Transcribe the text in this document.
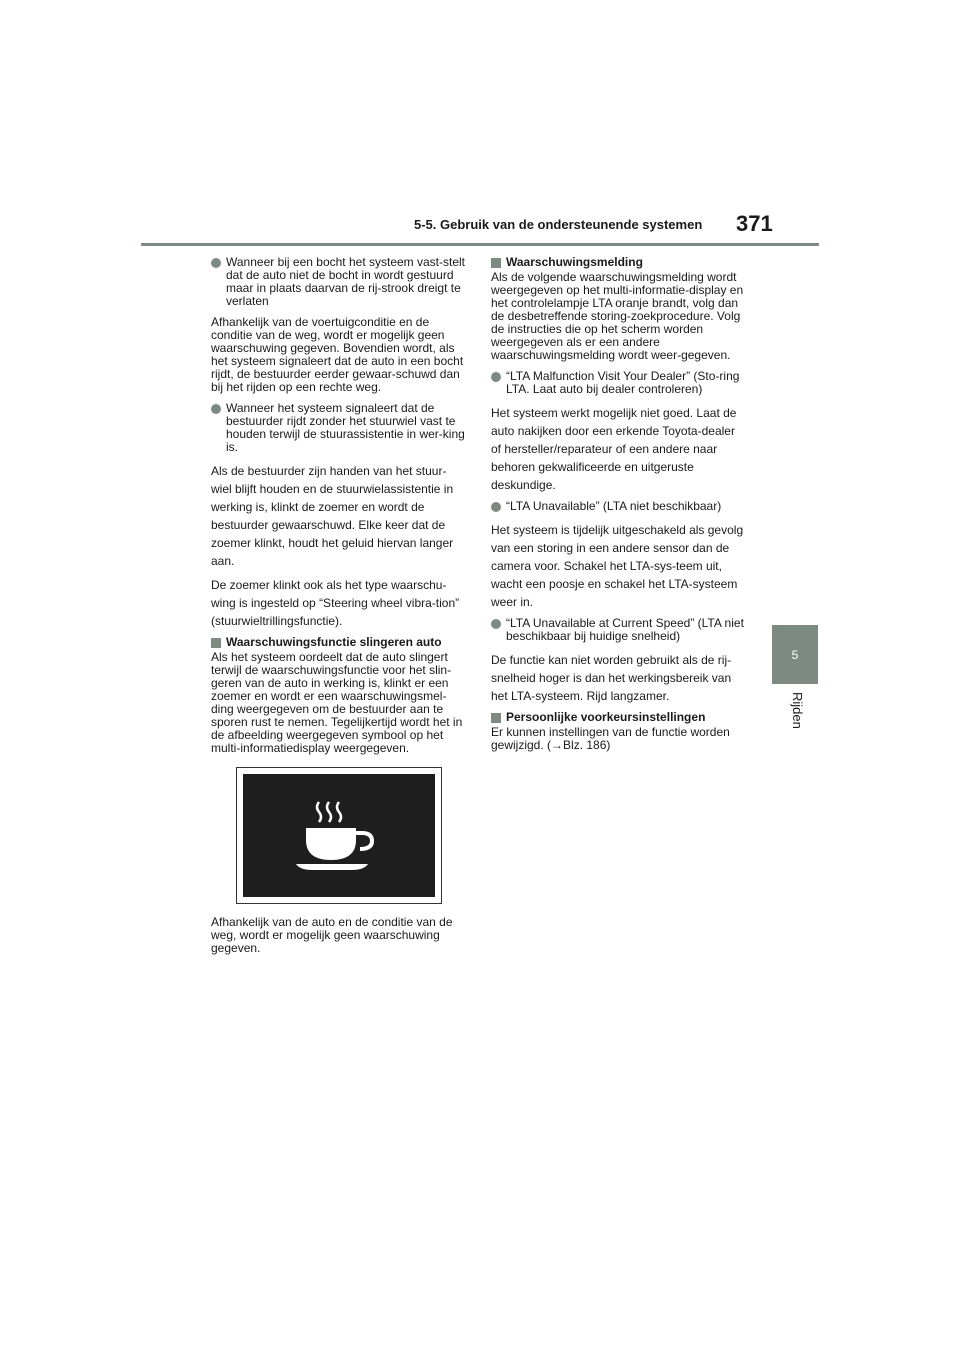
5-5. Gebruik van de ondersteunende systemen 371
5
Rijden
Wanneer bij een bocht het systeem vast-stelt dat de auto niet de bocht in wordt gestuurd maar in plaats daarvan de rij-strook dreigt te verlaten

Afhankelijk van de voertuigconditie en de conditie van de weg, wordt er mogelijk geen waarschuwing gegeven. Bovendien wordt, als het systeem signaleert dat de auto in een bocht rijdt, de bestuurder eerder gewaar-schuwd dan bij het rijden op een rechte weg.

Wanneer het systeem signaleert dat de bestuurder rijdt zonder het stuurwiel vast te houden terwijl de stuurassistentie in wer-king is.

Als de bestuurder zijn handen van het stuur-wiel blijft houden en de stuurwielassistentie in werking is, klinkt de zoemer en wordt de bestuurder gewaarschuwd. Elke keer dat de zoemer klinkt, houdt het geluid hiervan langer aan.

De zoemer klinkt ook als het type waarschu-wing is ingesteld op “Steering wheel vibra-tion” (stuurwieltrillingsfunctie).

Waarschuwingsfunctie slingeren auto

Als het systeem oordeelt dat de auto slingert terwijl de waarschuwingsfunctie voor het slin-geren van de auto in werking is, klinkt er een zoemer en wordt er een waarschuwingsmel-ding weergegeven om de bestuurder aan te sporen rust te nemen. Tegelijkertijd wordt het in de afbeelding weergegeven symbool op het multi-informatiedisplay weergegeven.

Afhankelijk van de auto en de conditie van de weg, wordt er mogelijk geen waarschuwing gegeven.

Waarschuwingsmelding

Als de volgende waarschuwingsmelding wordt weergegeven op het multi-informatie-display en het controlelampje LTA oranje brandt, volg dan de desbetreffende storing-zoekprocedure. Volg de instructies die op het scherm worden weergegeven als er een andere waarschuwingsmelding wordt weer-gegeven.

“LTA Malfunction Visit Your Dealer” (Sto-ring LTA. Laat auto bij dealer controleren)

Het systeem werkt mogelijk niet goed. Laat de auto nakijken door een erkende Toyota-dealer of hersteller/reparateur of een andere naar behoren gekwalificeerde en uitgeruste deskundige.

“LTA Unavailable” (LTA niet beschikbaar)

Het systeem is tijdelijk uitgeschakeld als gevolg van een storing in een andere sensor dan de camera voor. Schakel het LTA-sys-teem uit, wacht een poosje en schakel het LTA-systeem weer in.

“LTA Unavailable at Current Speed” (LTA niet beschikbaar bij huidige snelheid)

De functie kan niet worden gebruikt als de rij-snelheid hoger is dan het werkingsbereik van het LTA-systeem. Rijd langzamer.

Persoonlijke voorkeursinstellingen

Er kunnen instellingen van de functie worden gewijzigd. (→Blz. 186)
